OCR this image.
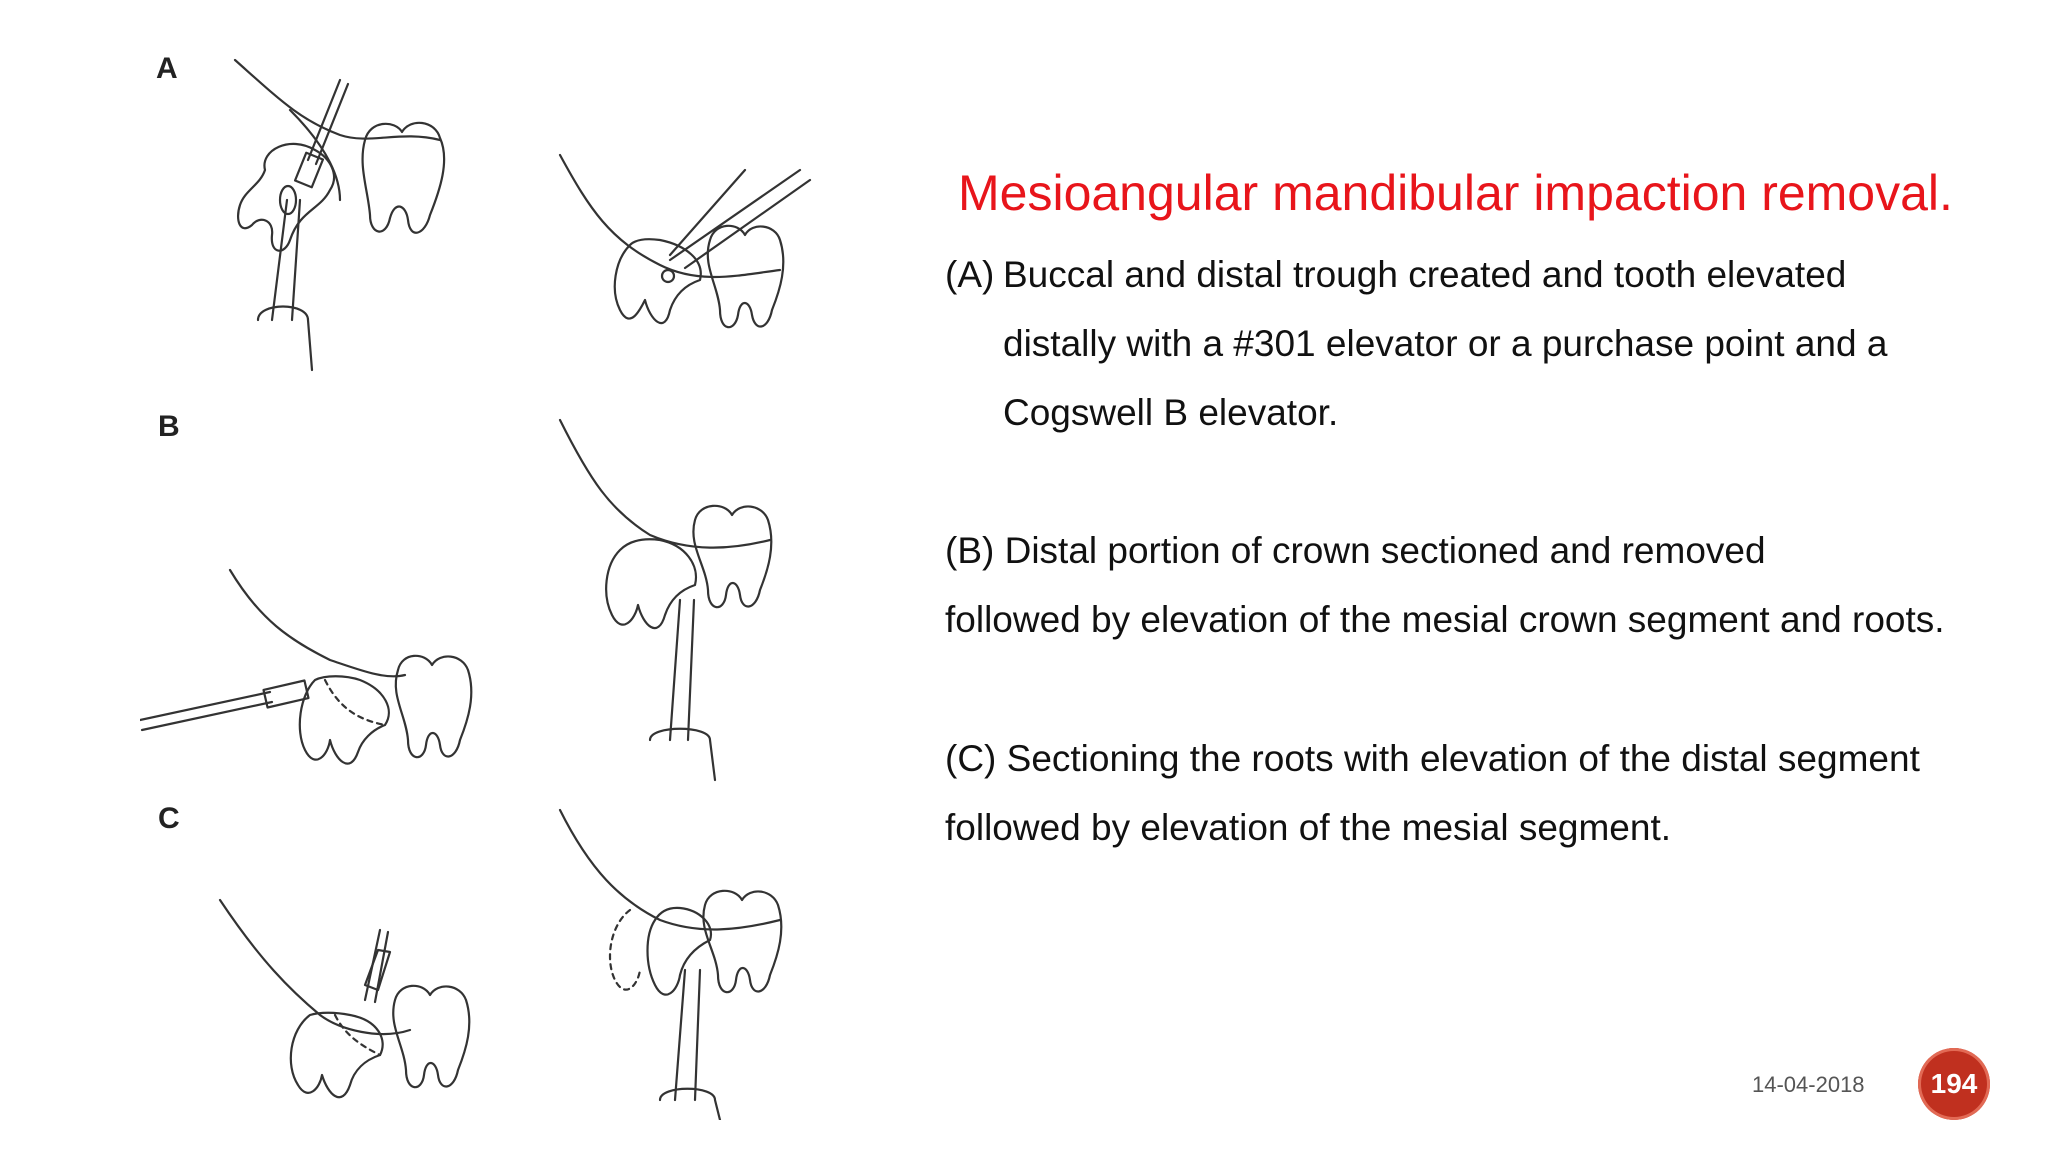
A
B
C
Mesioangular mandibular impaction removal.
(A) Buccal and distal trough created and tooth elevated
distally with a #301 elevator or a purchase point and a
Cogswell B elevator.
(B) Distal portion of crown sectioned and removed
followed by elevation of the mesial crown segment and roots.
(C) Sectioning the roots with elevation of the distal segment
followed by elevation of the mesial segment.
14-04-2018	194
